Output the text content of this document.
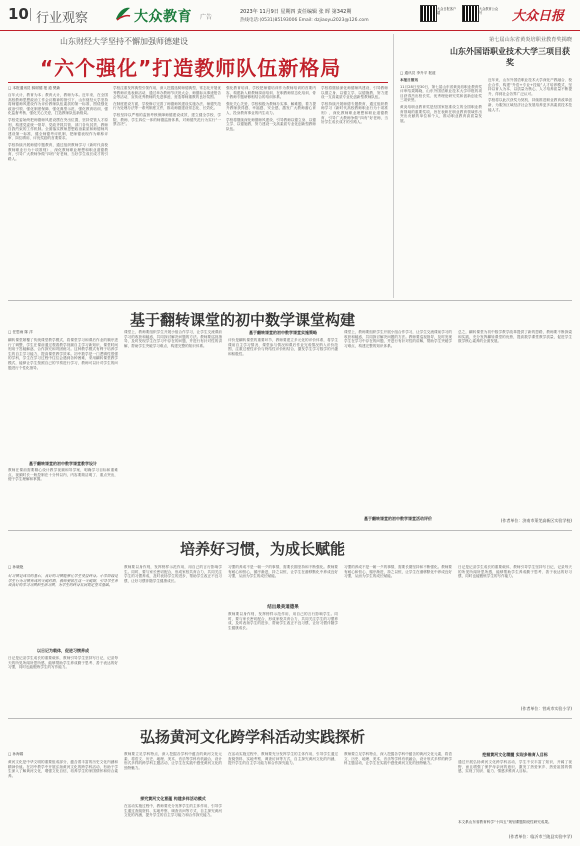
10 行业观察	大众教育 广告
2023年 11月9日 星期四 责任编辑 张 晖 第342期
热线电话:(0531)85193006 Email: dzjiaoyu2023@126.com
大众日报客户端
大众教育公众号	大众日报
山东财经大学坚持不懈加强师德建设
“六个强化”打造教师队伍新格局
□ 本报通讯员 薛树德 报 道 樊新

百年大计，教育为本；教育大计，教师为本。近年来，在全国高校教师思想政治工作会议精神的指引下，山东财经大学坚持将师德师风建设作为评价教师队伍素质的第一标准，围绕强化政治引领、强化制度保障、强化典型示范、强化教育培训、强化监督考核、强化关心关爱，打造教师队伍新格局。

学校党委始终把师德师风建设摆在突出位置，坚持党管人才原则，构建党委统一领导、党政齐抓共管、部门各负其责、教师自我约束的工作机制。全面落实教师思想政治素质和师德师风建设第一标准，健全师德考评机制，把师德表现作为职称评审、岗位聘用、评优奖励的首要要求。

学校持续开展师德专题教育，通过组织教师学习《新时代高校教师职业行为十项准则》，深化教师职业理想和职业道德教育，引导广大教师争做“四有”好老师，当好学生成长成才的引路人。

学校注重发挥典型引领作用，深入挖掘选树师德典型，常态化开展优秀教师评选表彰活动，通过举办教师节庆祝大会、师德标兵事迹报告会等活动，宣传优秀教师的先进事迹，营造尊师重教的良好氛围。

在制度建设方面，学校修订完善了师德师风建设实施办法、师德失范行为处理办法等一系列制度文件，推动师德建设常态化、长效化。

学校坚持以严格的监督考核保障师德建设成效，建立健全学校、学院、教师、学生四位一体的师德监督体系，对师德失范行为实行“一票否决”。

强化教育培训，学校把师德培训作为教师培训的首要内容，构建新入职教师岗前培训、在职教师常态化培训、骨干教师专题研修相结合的培训体系。

强化关心关爱，学校积极为教师办实事、解难题，着力提升教师获得感、幸福感、安全感，激发广大教师潜心育人、投身教育事业的内生动力。

学校将继续深化师德师风建设，引导教师以德立身、以德立学、以德施教，努力建设一支高素质专业化创新型教师队伍。

学校将继续深化师德师风建设，引导教师以德立身、以德立学、以德施教，努力建设一支高素质专业化创新型教师队伍。

学校持续开展师德专题教育，通过组织教师学习《新时代高校教师职业行为十项准则》，深化教师职业理想和职业道德教育，引导广大教师争做“四有”好老师，当好学生成长成才的引路人。

第七届山东省黄炎培职业教育奖揭晓
山东外国语职业技术大学三项目获奖
□ 通讯员 李升平 报道

本报日照讯

11月28日至30日，第七届山东省黄炎培职业教育奖评审结果揭晓，山东外国语职业技术大学申报的项目获得杰出校长奖、优秀理论研究奖和创新创业奖三项荣誉。

黄炎培职业教育奖是经国家批准设立的全国职业教育领域的重要奖项，旨在表彰在职业教育领域作出突出贡献的单位和个人，推动职业教育高质量发展。

近年来，山东外国语职业技术大学深化产教融合、校企合作，构建“外语+专业+技能”人才培养模式，坚持以育人为本、以质量为核心，人才培养质量不断提升，得到社会各界广泛认可。

学校将以此次获奖为契机，持续推进职业教育改革创新，为服务区域经济社会发展培养更多高素质技术技能人才。

基于翻转课堂的初中数学课堂构建
□ 任思雨 陈 洋
翻转课堂颠覆了传统课堂教学模式，将课堂学习和课后作业的顺序进行了调整，学生在课前通过观看教学视频自主学习新知识，课堂时间则用于答疑解惑、合作探究和巩固练习。这种教学模式有利于培养学生的自主学习能力，提高课堂教学效率。初中数学是一门逻辑性很强的学科，学生在学习过程中往往会遇到各种困难，采用翻转课堂教学模式，能够让学生按照自己的节奏进行学习，教师可以针对学生的问题进行个性化指导。
基于翻转课堂的初中数学课堂教学设计
教师在课前需要精心设计教学视频和导学案，明确学习目标和重难点，视频时长一般控制在十分钟以内，内容要简洁明了、重点突出，便于学生理解和掌握。
课堂上，教师要组织学生开展小组合作学习，让学生交流课前学习的收获和疑惑，共同探讨解决问题的方法。教师要巡视指导，及时发现学生在学习中存在的问题，并进行有针对性的讲解，帮助学生突破学习难点，构建完整的知识体系。
基于翻转课堂的初中数学课堂实施策略
评价是翻转课堂的重要环节，教师要建立多元化的评价体系，将学生课前自主学习情况、课堂参与情况和课后作业完成情况纳入评价范围，注重过程性评价与终结性评价相结合，激发学生学习数学的兴趣和积极性。
课堂上，教师要组织学生开展小组合作学习，让学生交流课前学习的收获和疑惑，共同探讨解决问题的方法。教师要巡视指导，及时发现学生在学习中存在的问题，并进行有针对性的讲解，帮助学生突破学习难点，构建完整的知识体系。
基于翻转课堂的初中数学课堂活动评价
总之，翻转课堂为初中数学教学改革提供了新的思路，教师要不断探索和实践，充分发挥翻转课堂的优势，提高数学课堂教学质量，促进学生数学核心素养的全面发展。
(作者单位：济南市莱芜高新区实验学校)
培养好习惯，为成长赋能
□ 孙晓艳
好习惯是成功的基石，良好的习惯能够让学生受益终身。小学阶段是学生行为习惯养成的关键时期，教师要抓住这一关键期，引导学生养成良好的学习习惯和生活习惯，为学生的终身发展奠定坚实基础。
以日记为载体，促进习惯养成
日记是记录学生成长的重要载体，教师引导学生坚持写日记，记录每天的所见所闻所思所感，能够帮助学生养成勤于思考、善于表达的好习惯，同时也能锻炼学生的写作能力。
教师要以身作则，发挥榜样示范作用，用自己的言行影响学生。同时，要与家长密切配合，形成家校共育合力，共同关注学生的习惯养成，及时表扬学生的进步，帮助学生改正不良习惯，让好习惯伴随学生健康成长。
结出最美道德果
习惯的养成不是一朝一夕的事情，需要长期坚持和不断强化。教师要有耐心和恒心，循序渐进，持之以恒，让学生在潜移默化中养成良好习惯，从而为学生的成长赋能。
教师要以身作则，发挥榜样示范作用，用自己的言行影响学生。同时，要与家长密切配合，形成家校共育合力，共同关注学生的习惯养成，及时表扬学生的进步，帮助学生改正不良习惯，让好习惯伴随学生健康成长。
习惯的养成不是一朝一夕的事情，需要长期坚持和不断强化。教师要有耐心和恒心，循序渐进，持之以恒，让学生在潜移默化中养成良好习惯，从而为学生的成长赋能。
日记是记录学生成长的重要载体，教师引导学生坚持写日记，记录每天的所见所闻所思所感，能够帮助学生养成勤于思考、善于表达的好习惯，同时也能锻炼学生的写作能力。
(作者单位：营成市实验小学)
弘扬黄河文化跨学科活动实践探析
□ 孙海娟
黄河文化是中华文明的重要组成部分，蕴含着丰富的历史文化内涵和精神价值。在初中教学中开展弘扬黄河文化的跨学科活动，有助于学生深入了解黄河文化，增强文化自信，培养学生的家国情怀和综合素养。
教师要立足学科特点，深入挖掘各学科中蕴含的黄河文化元素，将语文、历史、地理、美术、音乐等学科有机融合，设计形式多样的跨学科主题活动，让学生在实践中感受黄河文化的独特魅力。
探究黄河文化意蕴 构建多样活动模式
在活动实施过程中，教师要充分发挥学生的主体作用，引导学生通过查阅资料、实地考察、调查访问等方式，自主探究黄河文化的内涵，提升学生的自主学习能力和合作探究能力。
在活动实施过程中，教师要充分发挥学生的主体作用，引导学生通过查阅资料、实地考察、调查访问等方式，自主探究黄河文化的内涵，提升学生的自主学习能力和合作探究能力。
教师要立足学科特点，深入挖掘各学科中蕴含的黄河文化元素，将语文、历史、地理、美术、音乐等学科有机融合，设计形式多样的跨学科主题活动，让学生在实践中感受黄河文化的独特魅力。
挖掘黄河文化精髓 实现多维育人目标
通过开展弘扬黄河文化跨学科活动，学生不仅丰富了知识，开阔了视野，而且增强了保护母亲河的意识，激发了热爱家乡、热爱祖国的情感，实现了知识、能力、情感多维育人目标。
本文系山东省教育科学“十四五”规划课题阶段性研究成果。
(作者单位：临沂市兰陵县实验中学)
